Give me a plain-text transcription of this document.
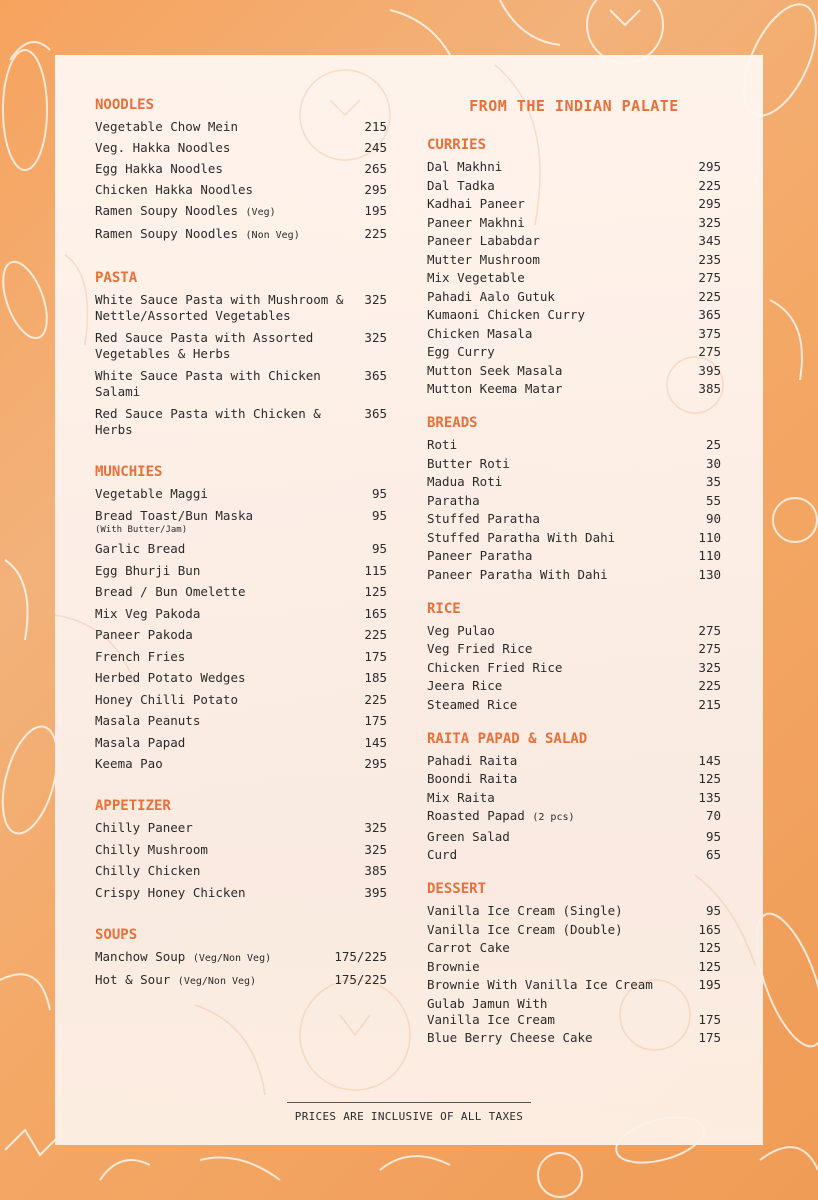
NOODLES
Vegetable Chow Mein	215
Veg. Hakka Noodles	245
Egg Hakka Noodles	265
Chicken Hakka Noodles	295
Ramen Soupy Noodles (Veg)	195
Ramen Soupy Noodles (Non Veg)	225
PASTA
White Sauce Pasta with Mushroom & Nettle/Assorted Vegetables
325
Red Sauce Pasta with Assorted Vegetables & Herbs
325
White Sauce Pasta with Chicken Salami
365
Red Sauce Pasta with Chicken & Herbs
365
MUNCHIES
Vegetable Maggi	95
Bread Toast/Bun Maska
(With Butter/Jam)
95
Garlic Bread	95
Egg Bhurji Bun	115
Bread / Bun Omelette	125
Mix Veg Pakoda	165
Paneer Pakoda	225
French Fries	175
Herbed Potato Wedges	185
Honey Chilli Potato	225
Masala Peanuts	175
Masala Papad	145
Keema Pao	295
APPETIZER
Chilly Paneer	325
Chilly Mushroom	325
Chilly Chicken	385
Crispy Honey Chicken	395
SOUPS
Manchow Soup (Veg/Non Veg)	175/225
Hot & Sour (Veg/Non Veg)	175/225
FROM THE INDIAN PALATE
CURRIES
Dal Makhni	295
Dal Tadka	225
Kadhai Paneer	295
Paneer Makhni	325
Paneer Lababdar	345
Mutter Mushroom	235
Mix Vegetable	275
Pahadi Aalo Gutuk	225
Kumaoni Chicken Curry	365
Chicken Masala	375
Egg Curry	275
Mutton Seek Masala	395
Mutton Keema Matar	385
BREADS
Roti	25
Butter Roti	30
Madua Roti	35
Paratha	55
Stuffed Paratha	90
Stuffed Paratha With Dahi	110
Paneer Paratha	110
Paneer Paratha With Dahi	130
RICE
Veg Pulao	275
Veg Fried Rice	275
Chicken Fried Rice	325
Jeera Rice	225
Steamed Rice	215
RAITA PAPAD & SALAD
Pahadi Raita	145
Boondi Raita	125
Mix Raita	135
Roasted Papad (2 pcs)	70
Green Salad	95
Curd	65
DESSERT
Vanilla Ice Cream (Single)	95
Vanilla Ice Cream (Double)	165
Carrot Cake	125
Brownie	125
Brownie With Vanilla Ice Cream	195
Gulab Jamun With Vanilla Ice Cream	175
Blue Berry Cheese Cake	175
PRICES ARE INCLUSIVE OF ALL TAXES
